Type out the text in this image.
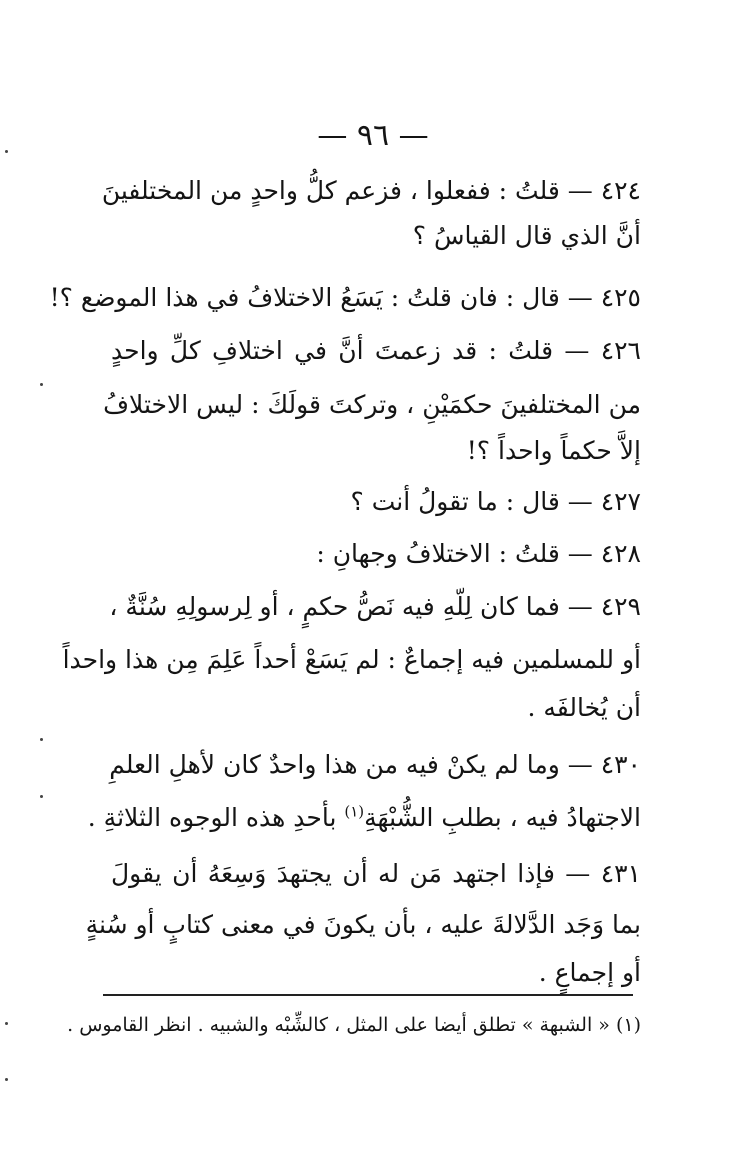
— ٩٦ —
٤٢٤ — قلتُ : ففعلوا ، فزعم كلُّ واحدٍ من المختلفينَ
أنَّ الذي قال القياسُ ؟
٤٢٥ — قال : فان قلتُ : يَسَعُ الاختلافُ في هذا الموضع ؟!
٤٢٦ — قلتُ : قد زعمتَ أنَّ في اختلافِ كلِّ واحدٍ
من المختلفينَ حكمَيْنِ ، وتركتَ قولَكَ : ليس الاختلافُ
إلاَّ حكماً واحداً ؟!
٤٢٧ — قال : ما تقولُ أنت ؟
٤٢٨ — قلتُ : الاختلافُ وجهانِ :
٤٢٩ — فما كان لِلّهِ فيه نَصُّ حكمٍ ، أو لِرسولِهِ سُنَّةٌ ،
أو للمسلمين فيه إجماعٌ : لم يَسَعْ أحداً عَلِمَ مِن هذا واحداً
أن يُخالفَه .
٤٣٠ — وما لم يكنْ فيه من هذا واحدٌ كان لأهلِ العلمِ
الاجتهادُ فيه ، بطلبِ الشُّبْهَةِ$^{(١)}$ بأحدِ هذه الوجوه الثلاثةِ .
٤٣١ — فإذا اجتهد مَن له أن يجتهدَ وَسِعَهُ أن يقولَ
بما وَجَد الدَّلالةَ عليه ، بأن يكونَ في معنى كتابٍ أو سُنةٍ
أو إجماعٍ .
(١) « الشبهة » تطلق أيضا على المثل ، كالشِّبْه والشبيه . انظر القاموس .
